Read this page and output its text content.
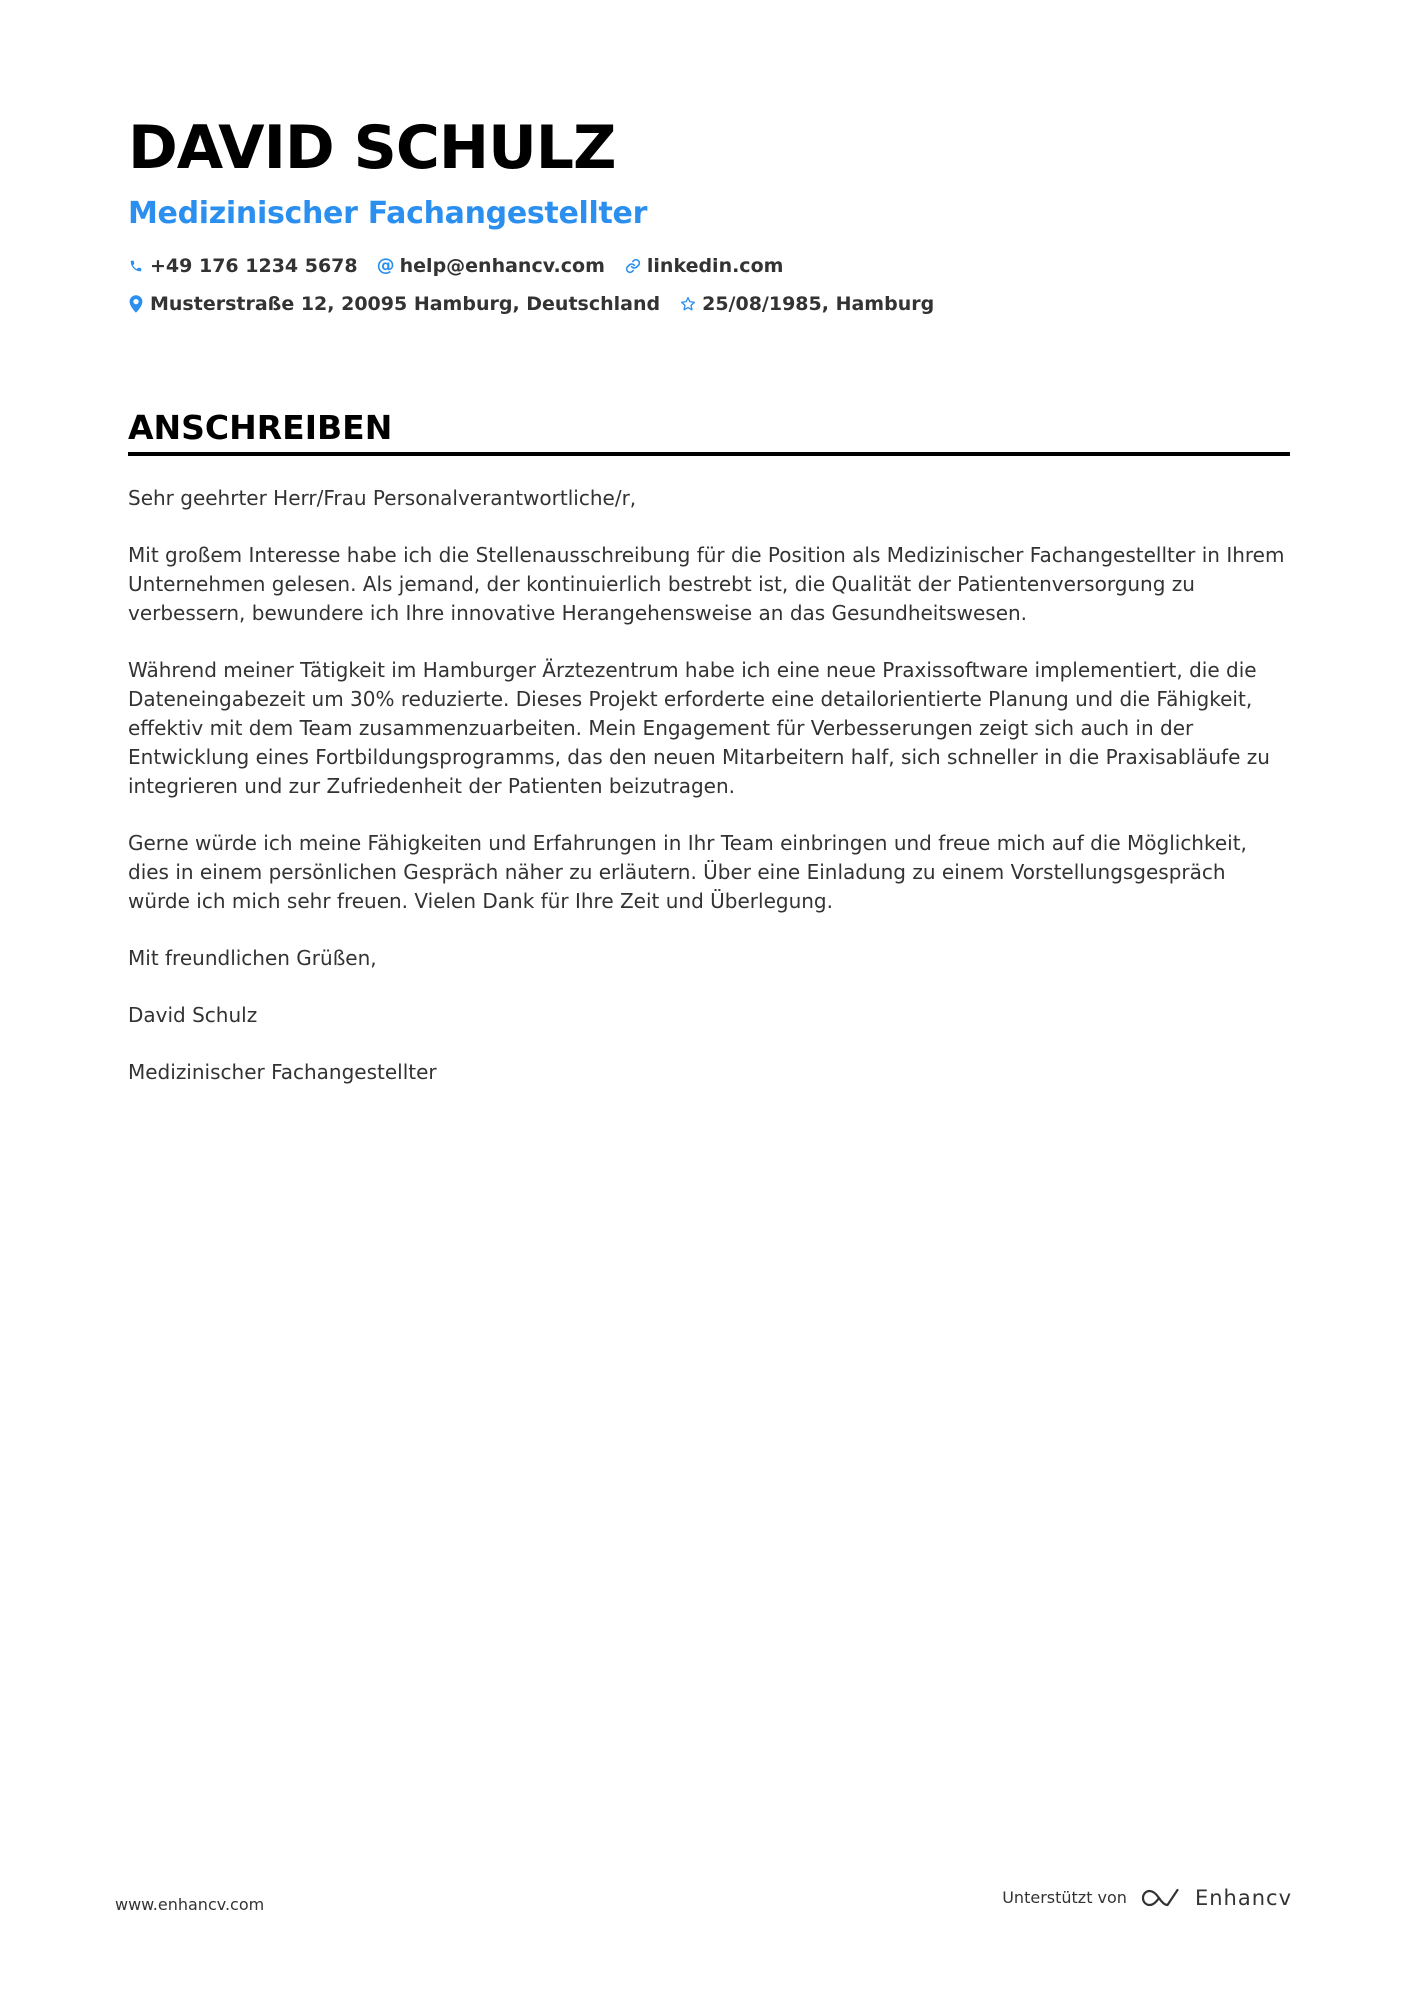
DAVID SCHULZ
Medizinischer Fachangestellter
+49 176 1234 5678 @ help@enhancv.com linkedin.com
Musterstraße 12, 20095 Hamburg, Deutschland 25/08/1985, Hamburg
ANSCHREIBEN

Sehr geehrter Herr/Frau Personalverantwortliche/r,

Mit großem Interesse habe ich die Stellenausschreibung für die Position als Medizinischer Fachangestellter in Ihrem Unternehmen gelesen. Als jemand, der kontinuierlich bestrebt ist, die Qualität der Patientenversorgung zu verbessern, bewundere ich Ihre innovative Herangehensweise an das Gesundheitswesen.

Während meiner Tätigkeit im Hamburger Ärztezentrum habe ich eine neue Praxissoftware implementiert, die die Dateneingabezeit um 30% reduzierte. Dieses Projekt erforderte eine detailorientierte Planung und die Fähigkeit, effektiv mit dem Team zusammenzuarbeiten. Mein Engagement für Verbesserungen zeigt sich auch in der Entwicklung eines Fortbildungsprogramms, das den neuen Mitarbeitern half, sich schneller in die Praxisabläufe zu integrieren und zur Zufriedenheit der Patienten beizutragen.

Gerne würde ich meine Fähigkeiten und Erfahrungen in Ihr Team einbringen und freue mich auf die Möglichkeit, dies in einem persönlichen Gespräch näher zu erläutern. Über eine Einladung zu einem Vorstellungsgespräch würde ich mich sehr freuen. Vielen Dank für Ihre Zeit und Überlegung.

Mit freundlichen Grüßen,

David Schulz

Medizinischer Fachangestellter

www.enhancv.com	Unterstützt von	Enhancv
